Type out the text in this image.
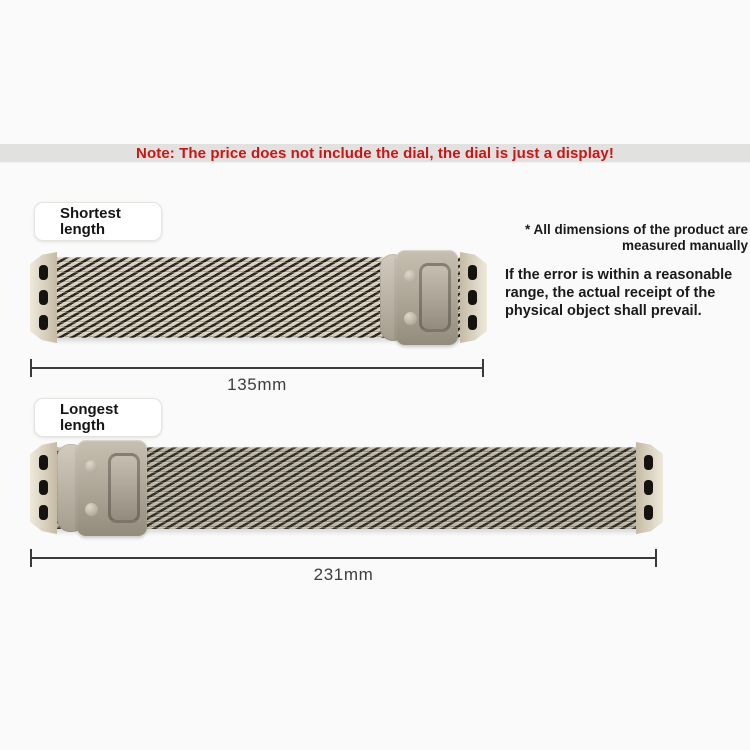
Note: The price does not include the dial, the dial is just a display!
Shortest
length	* All dimensions of the product are measured manually

If the error is within a reasonable range, the actual receipt of the physical object shall prevail.

135mm
Longest
length
231mm
